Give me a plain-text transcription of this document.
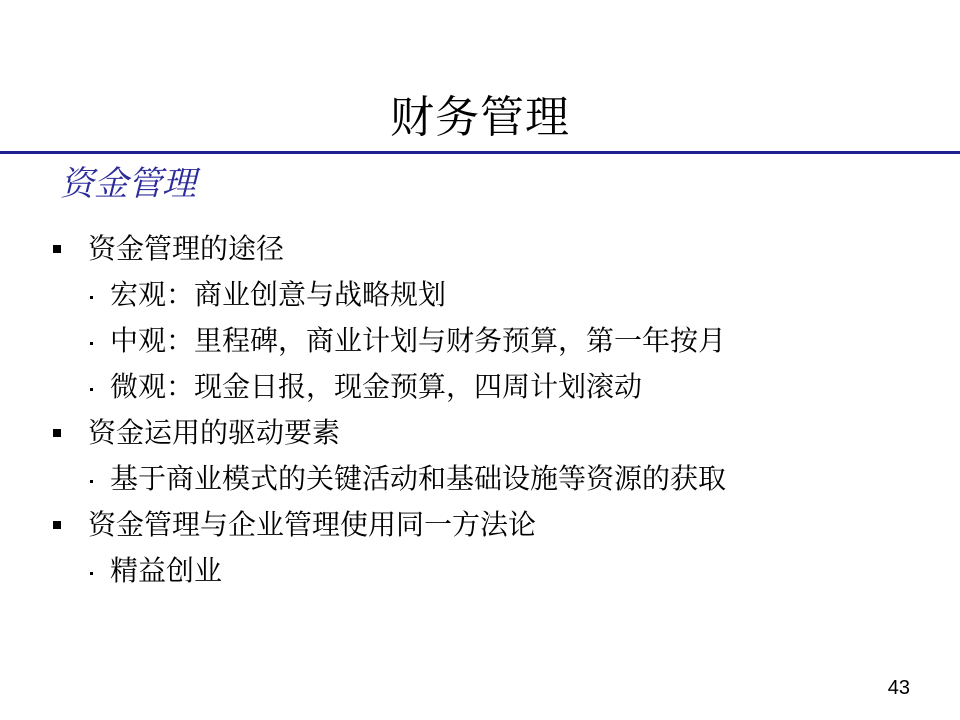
财务管理
资金管理
资金管理的途径
宏观：商业创意与战略规划
中观：里程碑，商业计划与财务预算，第一年按月
微观：现金日报，现金预算，四周计划滚动
资金运用的驱动要素
基于商业模式的关键活动和基础设施等资源的获取
资金管理与企业管理使用同一方法论
精益创业
43
